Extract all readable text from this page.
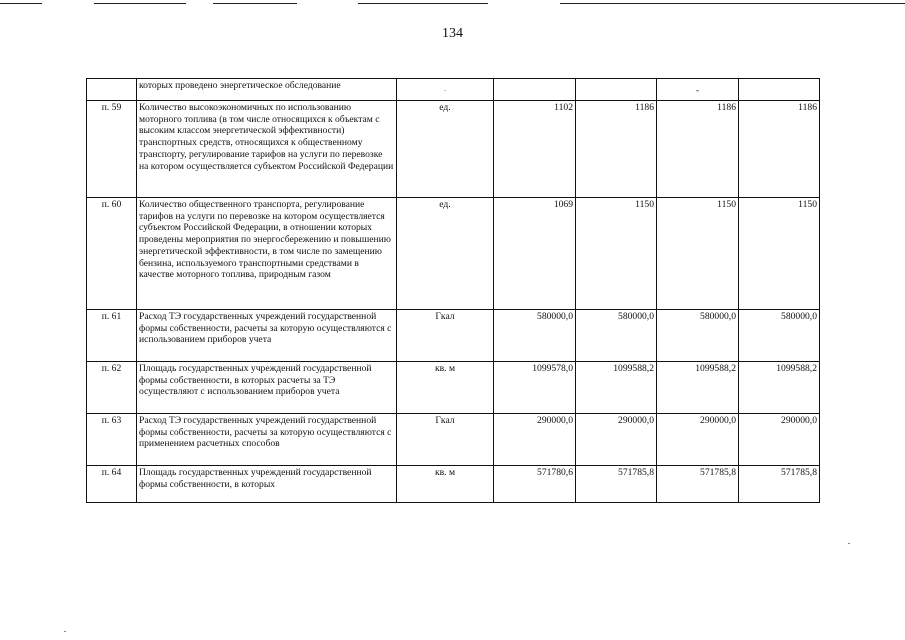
134
	которых проведено энергетическое обследование	.			-	

п. 59	Количество высокоэкономичных по использованию моторного топлива (в том числе относящихся к объектам с высоким классом энергетической эффективности) транспортных средств, относящихся к общественному транспорту, регулирование тарифов на услуги по перевозке на котором осуществляется субъектом Российской Федерации	ед.	1102	1186	1186	1186
п. 60	Количество общественного транспорта, регулирование тарифов на услуги по перевозке на котором осуществляется субъектом Российской Федерации, в отношении которых проведены мероприятия по энергосбережению и повышению энергетической эффективности, в том числе по замещению бензина, используемого транспортными средствами в качестве моторного топлива, природным газом	ед.	1069	1150	1150	1150
п. 61	Расход ТЭ государственных учреждений государственной формы собственности, расчеты за которую осуществляются с использованием приборов учета	Гкал	580000,0	580000,0	580000,0	580000,0
п. 62	Площадь государственных учреждений государственной формы собственности, в которых расчеты за ТЭ осуществляют с использованием приборов учета	кв. м	1099578,0	1099588,2	1099588,2	1099588,2
п. 63	Расход ТЭ государственных учреждений государственной формы собственности, расчеты за которую осуществляются с применением расчетных способов	Гкал	290000,0	290000,0	290000,0	290000,0
п. 64	Площадь государственных учреждений государственной формы собственности, в которых	кв. м	571780,6	571785,8	571785,8	571785,8
